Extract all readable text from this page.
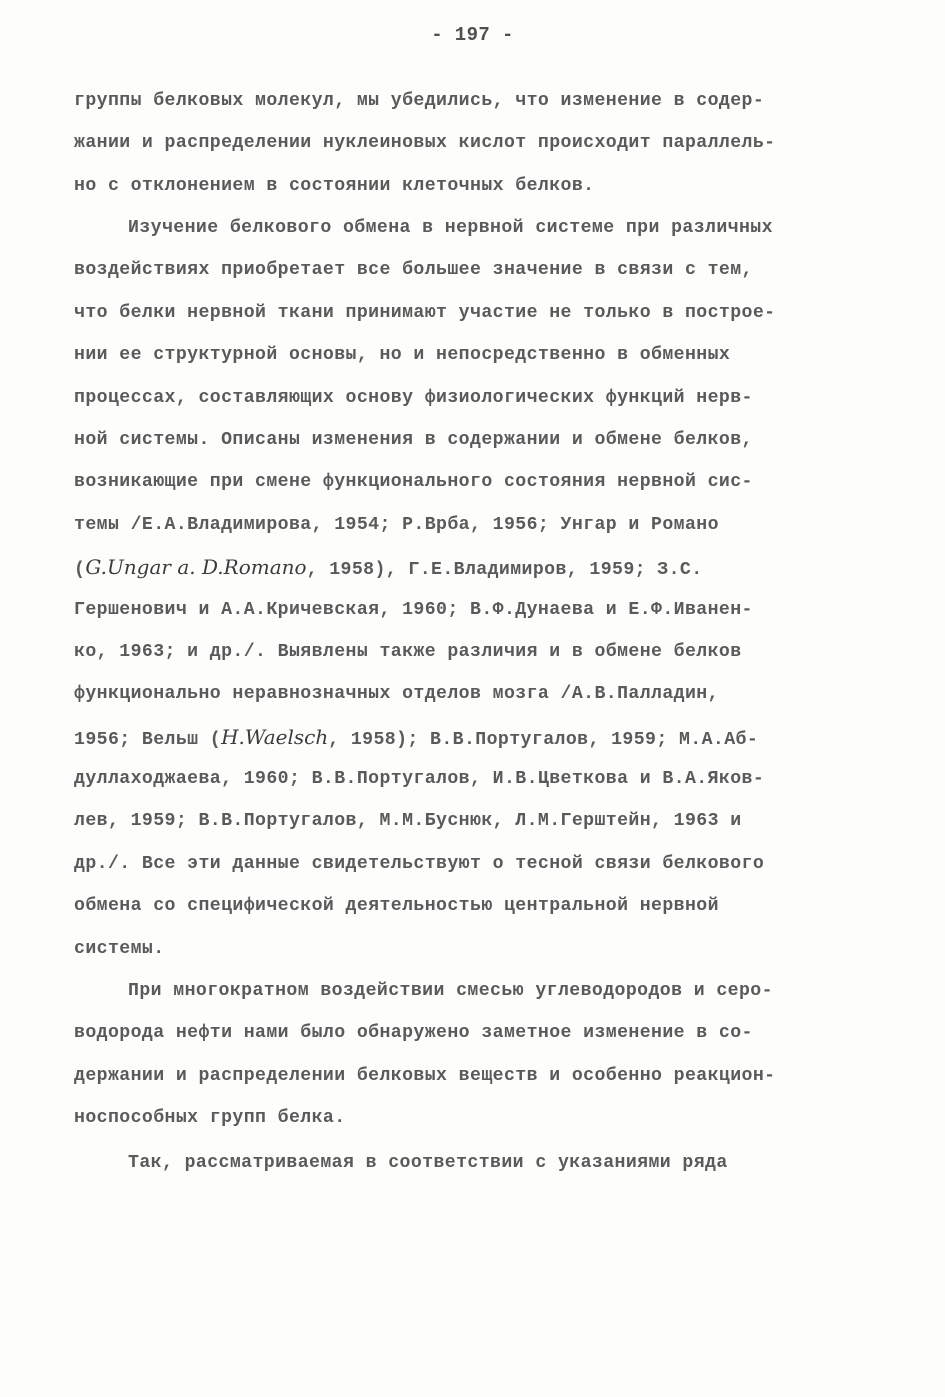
- 197 -
группы белковых молекул, мы убедились, что изменение в содер-
жании и распределении нуклеиновых кислот происходит параллель-
но с отклонением в состоянии клеточных белков.
Изучение белкового обмена в нервной системе при различных
воздействиях приобретает все большее значение в связи с тем,
что белки нервной ткани принимают участие не только в построе-
нии ее структурной основы, но и непосредственно в обменных
процессах, составляющих основу физиологических функций нерв-
ной системы. Описаны изменения в содержании и обмене белков,
возникающие при смене функционального состояния нервной сис-
темы /Е.А.Владимирова, 1954; Р.Врба, 1956; Унгар и Романо
(G.Ungar a. D.Romano, 1958), Г.Е.Владимиров, 1959; З.С.
Гершенович и А.А.Кричевская, 1960; В.Ф.Дунаева и Е.Ф.Иванен-
ко, 1963; и др./. Выявлены также различия и в обмене белков
функционально неравнозначных отделов мозга /А.В.Палладин,
1956; Вельш (H.Waelsch, 1958); В.В.Португалов, 1959; М.А.Аб-
дуллаходжаева, 1960; В.В.Португалов, И.В.Цветкова и В.А.Яков-
лев, 1959; В.В.Португалов, М.М.Буснюк, Л.М.Герштейн, 1963 и
др./. Все эти данные свидетельствуют о тесной связи белкового
обмена со специфической деятельностью центральной нервной
системы.
При многократном воздействии смесью углеводородов и серо-
водорода нефти нами было обнаружено заметное изменение в со-
держании и распределении белковых веществ и особенно реакцион-
носпособных групп белка.
Так, рассматриваемая в соответствии с указаниями ряда
